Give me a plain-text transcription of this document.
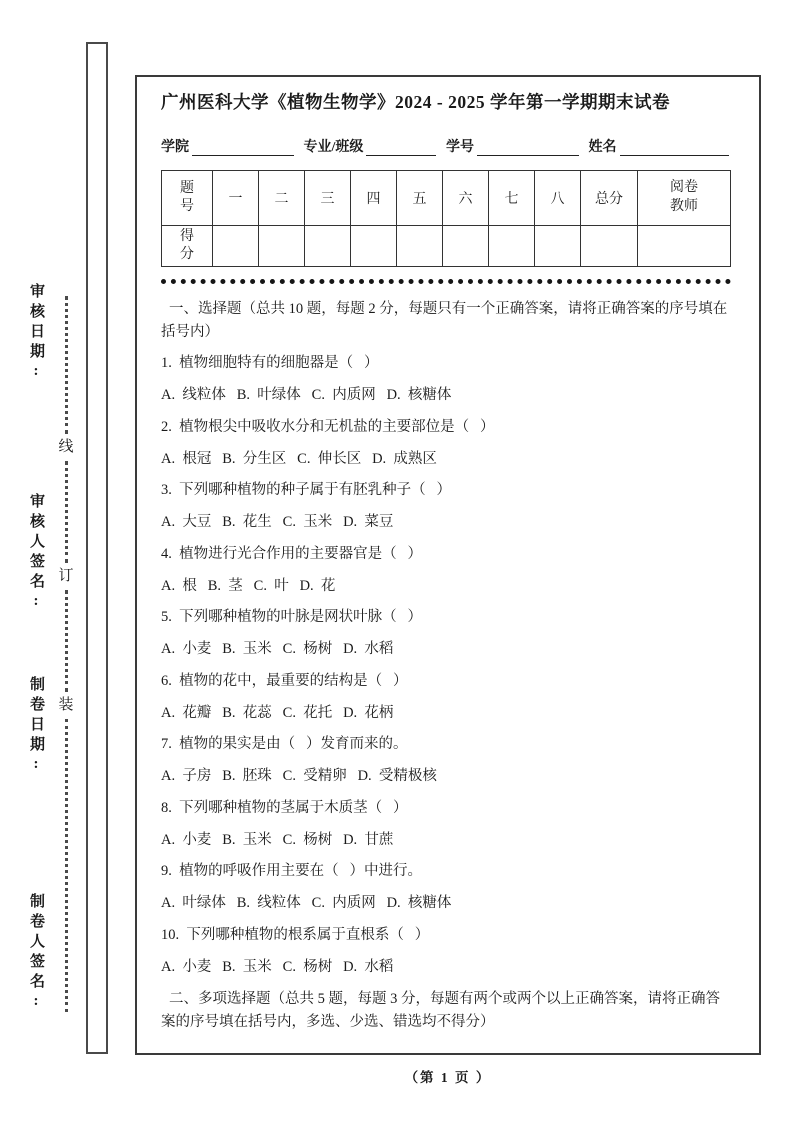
审核日期:
审核人签名:
制卷日期:
制卷人签名:
线
订
装
广州医科大学《植物生物学》2024 - 2025 学年第一学期期末试卷
学院	专业/班级	学号	姓名
题号	一	二	三	四	五	六	七	八	总分	阅卷教师
得分										

一、选择题（总共 10 题，每题 2 分，每题只有一个正确答案，请将正确答案的序号填在括号内）

1.  植物细胞特有的细胞器是（   ）

A.  线粒体   B.  叶绿体   C.  内质网   D.  核糖体

2.  植物根尖中吸收水分和无机盐的主要部位是（   ）

A.  根冠   B.  分生区   C.  伸长区   D.  成熟区

3.  下列哪种植物的种子属于有胚乳种子（   ）

A.  大豆   B.  花生   C.  玉米   D.  菜豆

4.  植物进行光合作用的主要器官是（   ）

A.  根   B.  茎   C.  叶   D.  花

5.  下列哪种植物的叶脉是网状叶脉（   ）

A.  小麦   B.  玉米   C.  杨树   D.  水稻

6.  植物的花中，最重要的结构是（   ）

A.  花瓣   B.  花蕊   C.  花托   D.  花柄

7.  植物的果实是由（   ）发育而来的。

A.  子房   B.  胚珠   C.  受精卵   D.  受精极核

8.  下列哪种植物的茎属于木质茎（   ）

A.  小麦   B.  玉米   C.  杨树   D.  甘蔗

9.  植物的呼吸作用主要在（   ）中进行。

A.  叶绿体   B.  线粒体   C.  内质网   D.  核糖体

10.  下列哪种植物的根系属于直根系（   ）

A.  小麦   B.  玉米   C.  杨树   D.  水稻

二、多项选择题（总共 5 题，每题 3 分，每题有两个或两个以上正确答案，请将正确答案的序号填在括号内，多选、少选、错选均不得分）

（第 1 页 ）
